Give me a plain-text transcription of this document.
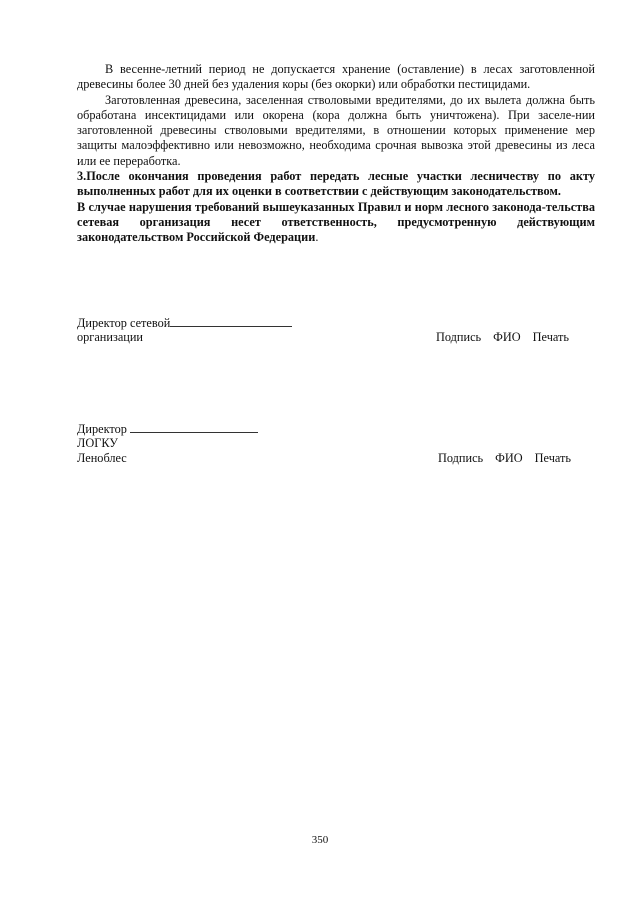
В весенне-летний период не допускается хранение (оставление) в лесах заготовленной древесины более 30 дней без удаления коры (без окорки) или обработки пестицидами.

Заготовленная древесина, заселенная стволовыми вредителями, до их вылета должна быть обработана инсектицидами или окорена (кора должна быть уничтожена). При заселе-нии заготовленной древесины стволовыми вредителями, в отношении которых применение мер защиты малоэффективно или невозможно, необходима срочная вывозка этой древесины из леса или ее переработка.

3.После окончания проведения работ передать лесные участки лесничеству по акту выполненных работ для их оценки в соответствии с действующим законодательством.

В случае нарушения требований вышеуказанных Правил и норм лесного законода-тельства сетевая организация несет ответственность, предусмотренную действующим законодательством Российской Федерации.

Директор сетевой
организации	Подпись ФИО Печать
Директор
ЛОГКУ
Леноблес	Подпись ФИО Печать
350
